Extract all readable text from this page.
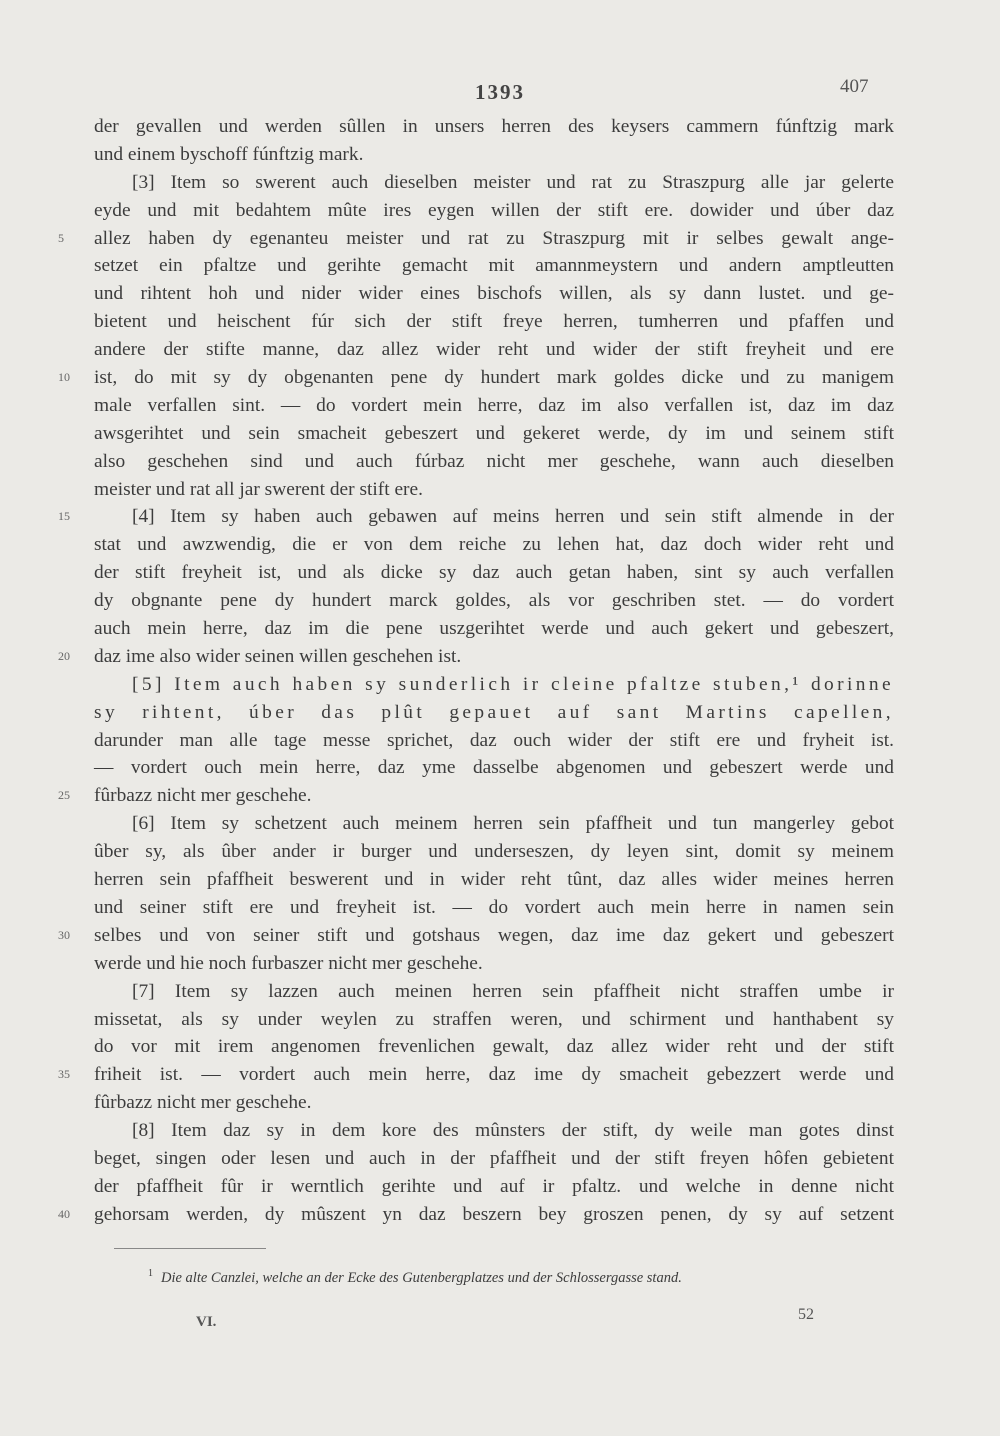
1393	407
der gevallen und werden sûllen in unsers herren des keysers cammern fúnftzig mark
und einem byschoff fúnftzig mark.
[3] Item so swerent auch dieselben meister und rat zu Straszpurg alle jar gelerte
eyde und mit bedahtem mûte ires eygen willen der stift ere. dowider und úber daz
5	allez haben dy egenanteu meister und rat zu Straszpurg mit ir selbes gewalt ange-
setzet ein pfaltze und gerihte gemacht mit amannmeystern und andern amptleutten
und rihtent hoh und nider wider eines bischofs willen, als sy dann lustet. und ge-
bietent und heischent fúr sich der stift freye herren, tumherren und pfaffen und
andere der stifte manne, daz allez wider reht und wider der stift freyheit und ere
10	ist, do mit sy dy obgenanten pene dy hundert mark goldes dicke und zu manigem
male verfallen sint. — do vordert mein herre, daz im also verfallen ist, daz im daz
awsgerihtet und sein smacheit gebeszert und gekeret werde, dy im und seinem stift
also geschehen sind und auch fúrbaz nicht mer geschehe, wann auch dieselben
meister und rat all jar swerent der stift ere.
15	[4] Item sy haben auch gebawen auf meins herren und sein stift almende in der
stat und awzwendig, die er von dem reiche zu lehen hat, daz doch wider reht und
der stift freyheit ist, und als dicke sy daz auch getan haben, sint sy auch verfallen
dy obgnante pene dy hundert marck goldes, als vor geschriben stet. — do vordert
auch mein herre, daz im die pene uszgerihtet werde und auch gekert und gebeszert,
20	daz ime also wider seinen willen geschehen ist.
[5] Item auch haben sy sunderlich ir cleine pfaltze stuben,¹ dorinne
sy rihtent, úber das plût gepauet auf sant Martins capellen,
darunder man alle tage messe sprichet, daz ouch wider der stift ere und fryheit ist.
— vordert ouch mein herre, daz yme dasselbe abgenomen und gebeszert werde und
25	fûrbazz nicht mer geschehe.
[6] Item sy schetzent auch meinem herren sein pfaffheit und tun mangerley gebot
ûber sy, als ûber ander ir burger und underseszen, dy leyen sint, domit sy meinem
herren sein pfaffheit beswerent und in wider reht tûnt, daz alles wider meines herren
und seiner stift ere und freyheit ist. — do vordert auch mein herre in namen sein
30	selbes und von seiner stift und gotshaus wegen, daz ime daz gekert und gebeszert
werde und hie noch furbaszer nicht mer geschehe.
[7] Item sy lazzen auch meinen herren sein pfaffheit nicht straffen umbe ir
missetat, als sy under weylen zu straffen weren, und schirment und hanthabent sy
do vor mit irem angenomen frevenlichen gewalt, daz allez wider reht und der stift
35	friheit ist. — vordert auch mein herre, daz ime dy smacheit gebezzert werde und
fûrbazz nicht mer geschehe.
[8] Item daz sy in dem kore des mûnsters der stift, dy weile man gotes dinst
beget, singen oder lesen und auch in der pfaffheit und der stift freyen hôfen gebietent
der pfaffheit fûr ir werntlich gerihte und auf ir pfaltz. und welche in denne nicht
40	gehorsam werden, dy mûszent yn daz beszern bey groszen penen, dy sy auf setzent
$^1$ Die alte Canzlei, welche an der Ecke des Gutenbergplatzes und der Schlossergasse stand.
VI.	52
